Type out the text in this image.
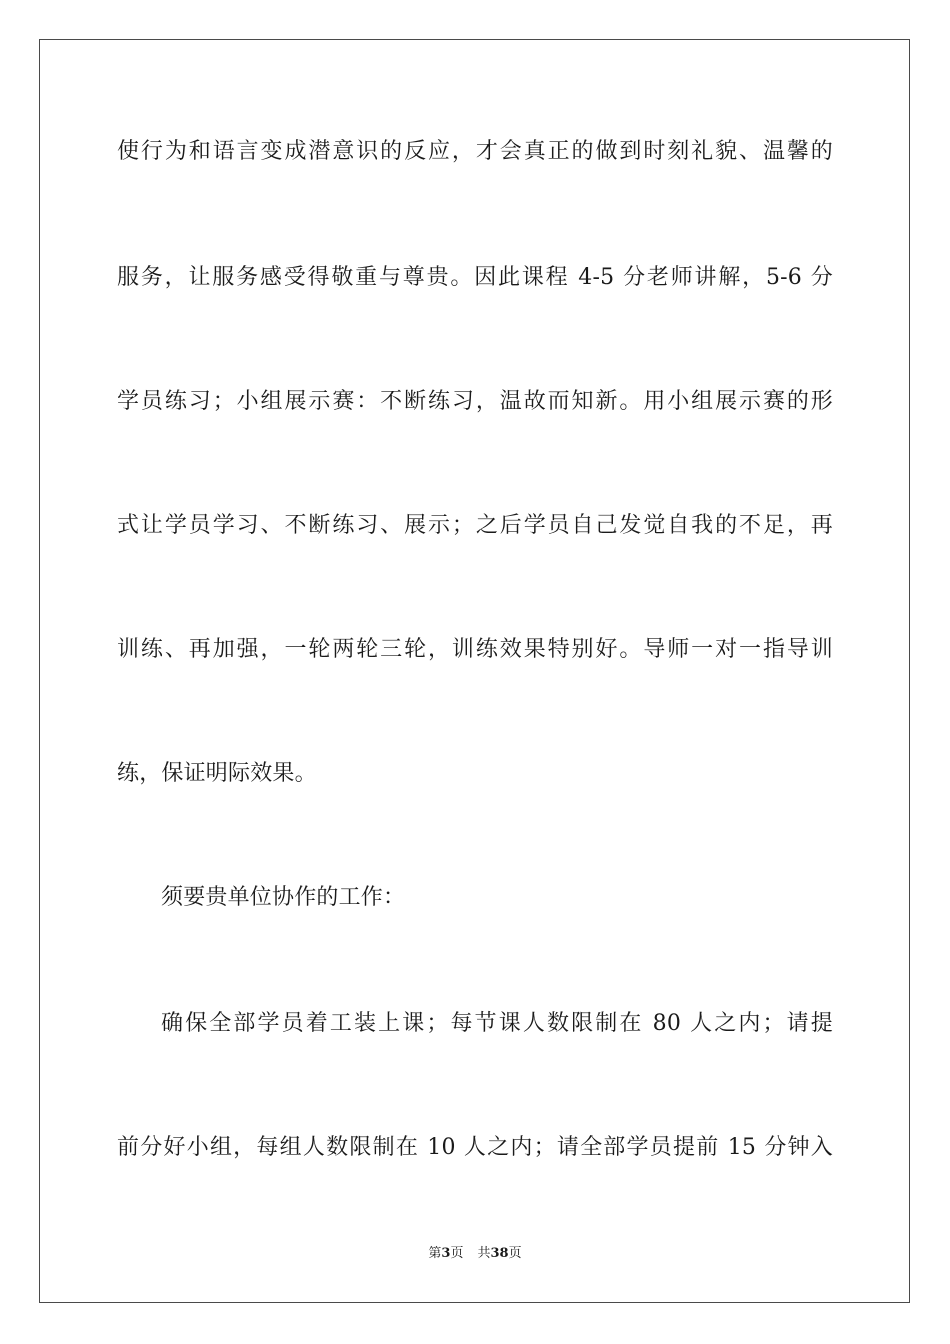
使行为和语言变成潜意识的反应，才会真正的做到时刻礼貌、温馨的
服务，让服务感受得敬重与尊贵。因此课程 4-5 分老师讲解，5-6 分
学员练习；小组展示赛：不断练习，温故而知新。用小组展示赛的形
式让学员学习、不断练习、展示；之后学员自己发觉自我的不足，再
训练、再加强，一轮两轮三轮，训练效果特别好。导师一对一指导训
练，保证明际效果。
须要贵单位协作的工作：
确保全部学员着工装上课；每节课人数限制在 80 人之内；请提
前分好小组，每组人数限制在 10 人之内；请全部学员提前 15 分钟入
第3页 共38页
